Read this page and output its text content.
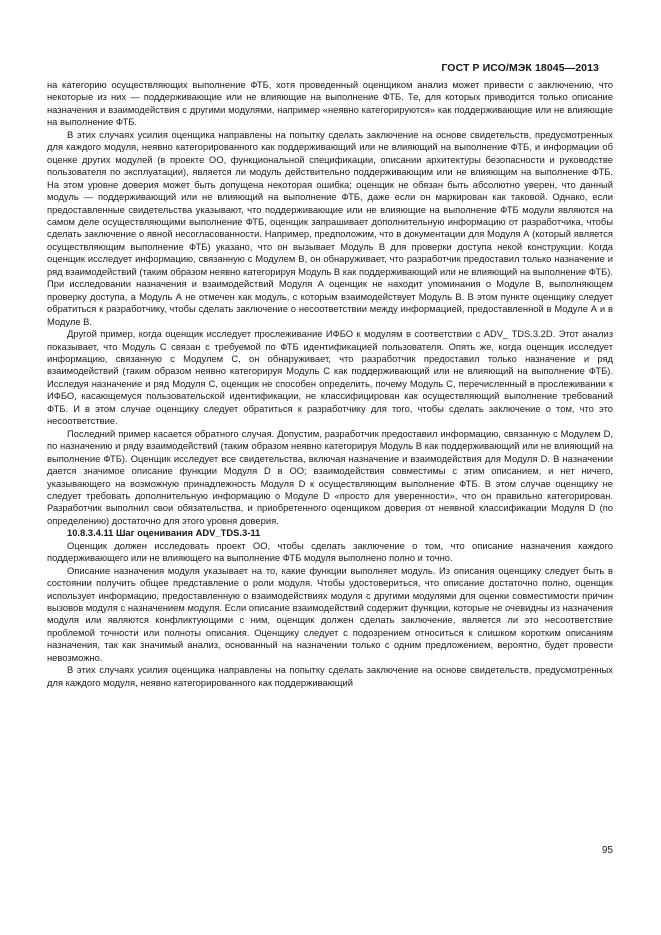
ГОСТ Р ИСО/МЭК 18045—2013

на категорию осуществляющих выполнение ФТБ, хотя проведенный оценщиком анализ может привести с заключению, что некоторые из них — поддерживающие или не влияющие на выполнение ФТБ. Те, для которых приводится только описание назначения и взаимодействия с другими модулями, например «неявно категорируются» как поддерживающие или не влияющие на выполнение ФТБ.

В этих случаях усилия оценщика направлены на попытку сделать заключение на основе свидетельств, предусмотренных для каждого модуля, неявно категорированного как поддерживающий или не влияющий на выполнение ФТБ, и информации об оценке других модулей (в проекте ОО, функциональной спецификации, описании архитектуры безопасности и руководстве пользователя по эксплуатации), является ли модуль действительно поддерживающим или не влияющим на выполнение ФТБ. На этом уровне доверия может быть допущена некоторая ошибка; оценщик не обязан быть абсолютно уверен, что данный модуль — поддерживающий или не влияющий на выполнение ФТБ, даже если он маркирован как таковой. Однако, если предоставленные свидетельства указывают, что поддерживающие или не влияющие на выполнение ФТБ модули являются на самом деле осуществляющими выполнение ФТБ, оценщик запрашивает дополнительную информацию от разработчика, чтобы сделать заключение о явной несогласованности. Например, предположим, что в документации для Модуля А (который является осуществляющим выполнение ФТБ) указано, что он вызывает Модуль В для проверки доступа некой конструкции. Когда оценщик исследует информацию, связанную с Модулем В, он обнаруживает, что разработчик предоставил только назначение и ряд взаимодействий (таким образом неявно категорируя Модуль В как поддерживающий или не влияющий на выполнение ФТБ). При исследовании назначения и взаимодействий Модуля А оценщик не находит упоминания о Модуле В, выполняющем проверку доступа, а Модуль А не отмечен как модуль, с которым взаимодействует Модуль В. В этом пункте оценщику следует обратиться к разработчику, чтобы сделать заключение о несоответствии между информацией, предоставленной в Модуле А и в Модуле В.

Другой пример, когда оценщик исследует прослеживание ИФБО к модулям в соответствии с ADV_ TDS.3.2D. Этот анализ показывает, что Модуль С связан с требуемой по ФТБ идентификацией пользователя. Опять же, когда оценщик исследует информацию, связанную с Модулем С, он обнаруживает, что разработчик предоставил только назначение и ряд взаимодействий (таким образом неявно категорируя Модуль С как поддерживающий или не влияющий на выполнение ФТБ). Исследуя назначение и ряд Модуля С, оценщик не способен определить, почему Модуль С, перечисленный в прослеживании к ИФБО, касающемуся пользовательской идентификации, не классифицирован как осуществляющий выполнение требований ФТБ. И в этом случае оценщику следует обратиться к разработчику для того, чтобы сделать заключение о том, что это несоответствие.

Последний пример касается обратного случая. Допустим, разработчик предоставил информацию, связанную с Модулем D, по назначению и ряду взаимодействий (таким образом неявно категорируя Модуль В как поддерживающий или не влияющий на выполнение ФТБ). Оценщик исследует все свидетельства, включая назначение и взаимодействия для Модуля D. В назначении дается значимое описание функции Модуля D в ОО; взаимодействия совместимы с этим описанием, и нет ничего, указывающего на возможную принадлежность Модуля D к осуществляющим выполнение ФТБ. В этом случае оценщику не следует требовать дополнительную информацию о Модуле D «просто для уверенности», что он правильно категорирован. Разработчик выполнил свои обязательства, и приобретенного оценщиком доверия от неявной классификации Модуля D (по определению) достаточно для этого уровня доверия.

10.8.3.4.11 Шаг оценивания ADV_TDS.3-11

Оценщик должен исследовать проект ОО, чтобы сделать заключение о том, что описание назначения каждого поддерживающего или не влияющего на выполнение ФТБ модуля выполнено полно и точно.

Описание назначения модуля указывает на то, какие функции выполняет модуль. Из описания оценщику следует быть в состоянии получить общее представление о роли модуля. Чтобы удостовериться, что описание достаточно полно, оценщик использует информацию, предоставленную о взаимодействиях модуля с другими модулями для оценки совместимости причин вызовов модуля с назначением модуля. Если описание взаимодействий содержит функции, которые не очевидны из назначения модуля или являются конфликтующими с ним, оценщик должен сделать заключение, является ли это несоответствие проблемой точности или полноты описания. Оценщику следует с подозрением относиться к слишком коротким описаниям назначения, так как значимый анализ, основанный на назначении только с одним предложением, вероятно, будет провести невозможно.

В этих случаях усилия оценщика направлены на попытку сделать заключение на основе свидетельств, предусмотренных для каждого модуля, неявно категорированного как поддерживающий

95
